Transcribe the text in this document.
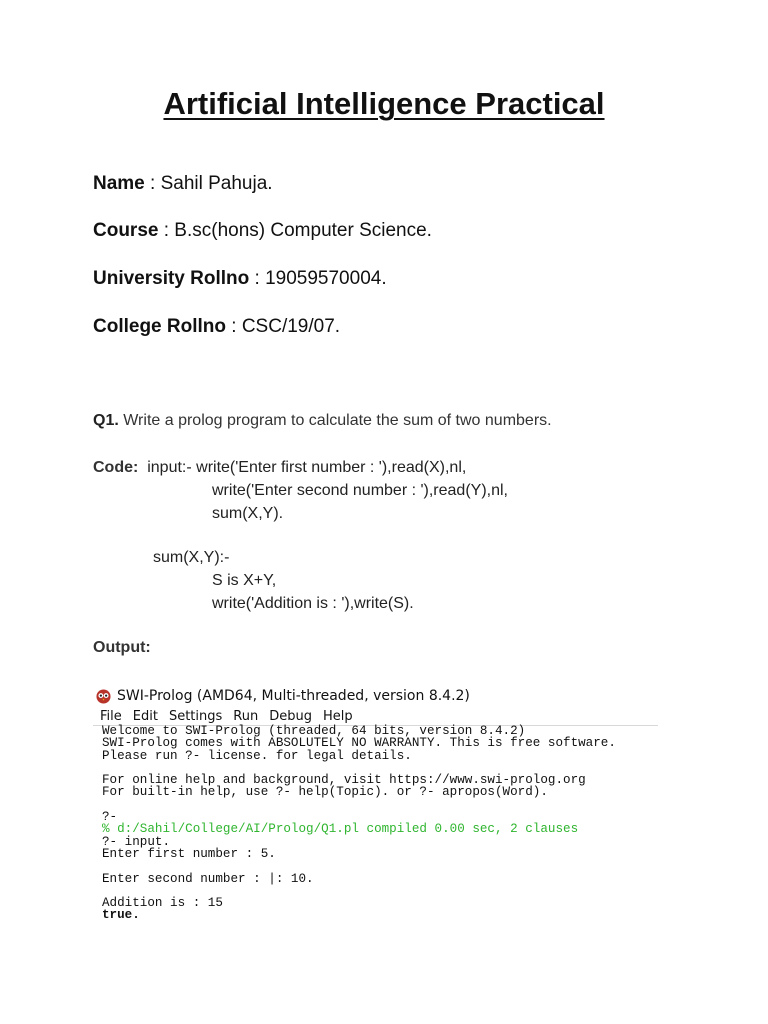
Artificial Intelligence Practical
Name : Sahil Pahuja.
Course : B.sc(hons) Computer Science.
University Rollno : 19059570004.
College Rollno : CSC/19/07.
Q1. Write a prolog program to calculate the sum of two numbers.
Code: input:- write('Enter first number : '),read(X),nl,
write('Enter second number : '),read(Y),nl,
sum(X,Y).
sum(X,Y):-
S is X+Y,
write('Addition is : '),write(S).
Output:
SWI-Prolog (AMD64, Multi-threaded, version 8.4.2)
File Edit Settings Run Debug Help
Welcome to SWI-Prolog (threaded, 64 bits, version 8.4.2)
SWI-Prolog comes with ABSOLUTELY NO WARRANTY. This is free software.
Please run ?- license. for legal details.

For online help and background, visit https://www.swi-prolog.org
For built-in help, use ?- help(Topic). or ?- apropos(Word).

?-
% d:/Sahil/College/AI/Prolog/Q1.pl compiled 0.00 sec, 2 clauses
?- input.
Enter first number : 5.

Enter second number : |: 10.

Addition is : 15
true.
